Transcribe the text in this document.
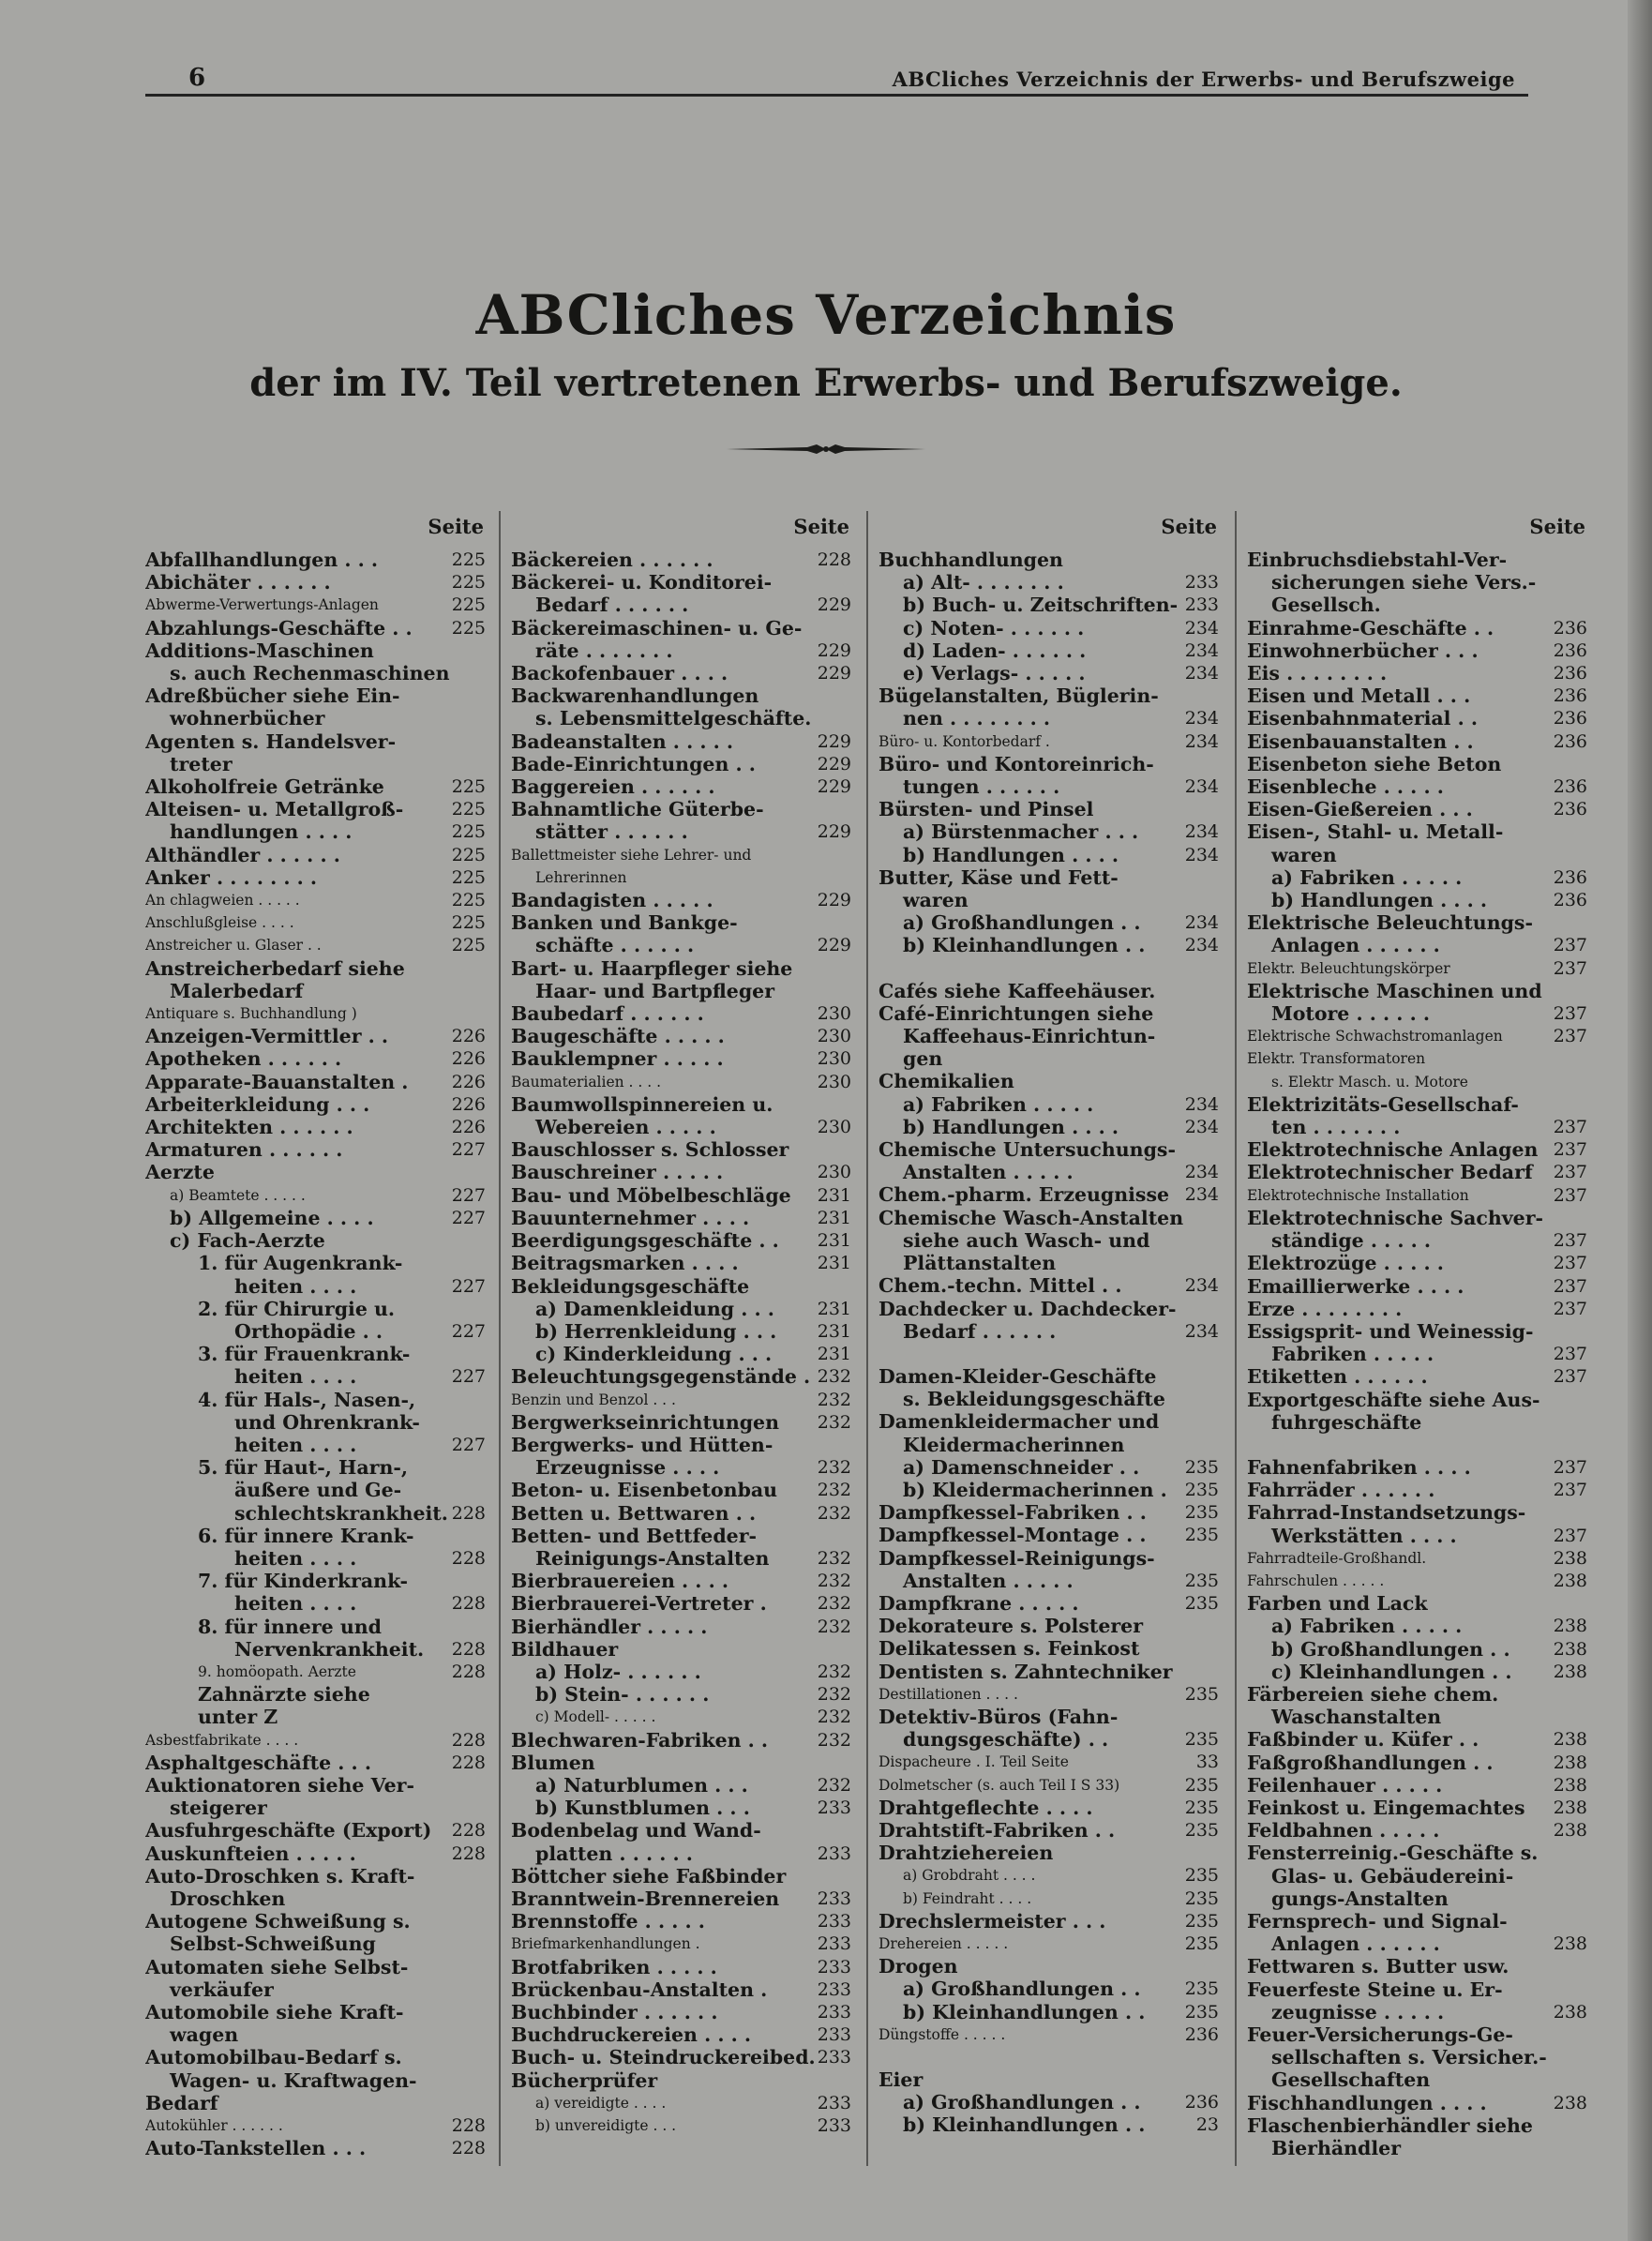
6	ABCliches Verzeichnis der Erwerbs- und Berufszweige
ABCliches Verzeichnis
der im IV. Teil vertretenen Erwerbs- und Berufszweige.
Seite
Abfallhandlungen . . .	225
Abichäter . . . . . .	225
Abwerme-Verwertungs-Anlagen	225
Abzahlungs-Geschäfte . . 225
Additions-Maschinen
s. auch Rechenmaschinen
Adreßbücher siehe Ein-
wohnerbücher
Agenten s. Handelsver-
treter
Alkoholfreie Getränke	225
Alteisen- u. Metallgroß-	225
handlungen . . . .	225
Althändler . . . . . .	225
Anker . . . . . . . .	225
An chlagweien . . . . .	225
Anschlußgleise . . . .	225
Anstreicher u. Glaser . .	225
Anstreicherbedarf siehe
Malerbedarf
Antiquare s. Buchhandlung )
Anzeigen-Vermittler . .	226
Apotheken . . . . . .	226
Apparate-Bauanstalten . 226
Arbeiterkleidung . . .	226
Architekten . . . . . .	226
Armaturen . . . . . .	227
Aerzte
a) Beamtete . . . . .	227
b) Allgemeine . . . .	227
c) Fach-Aerzte
1. für Augenkrank-
heiten . . . .	227
2. für Chirurgie u.
Orthopädie . .	227
3. für Frauenkrank-
heiten . . . .	227
4. für Hals-, Nasen-,
und Ohrenkrank-
heiten . . . .	227
5. für Haut-, Harn-,
äußere und Ge-
schlechtskrankheit. 228
6. für innere Krank-
heiten . . . .	228
7. für Kinderkrank-
heiten . . . .	228
8. für innere und
Nervenkrankheit. 228
9. homöopath. Aerzte	228
Zahnärzte siehe
unter Z
Asbestfabrikate . . . .	228
Asphaltgeschäfte . . .	228
Auktionatoren siehe Ver-
steigerer
Ausfuhrgeschäfte (Export) 228
Auskunfteien . . . . .	228
Auto-Droschken s. Kraft-
Droschken
Autogene Schweißung s.
Selbst-Schweißung
Automaten siehe Selbst-
verkäufer
Automobile siehe Kraft-
wagen
Automobilbau-Bedarf s.
Wagen- u. Kraftwagen-
Bedarf
Autokühler . . . . . .	228
Auto-Tankstellen . . .	228
Seite
Bäckereien . . . . . .	228
Bäckerei- u. Konditorei-
Bedarf . . . . . .	229
Bäckereimaschinen- u. Ge-
räte . . . . . . .	229
Backofenbauer . . . .	229
Backwarenhandlungen
s. Lebensmittelgeschäfte.
Badeanstalten . . . . .	229
Bade-Einrichtungen . .	229
Baggereien . . . . . .	229
Bahnamtliche Güterbe-
stätter . . . . . .	229
Ballettmeister siehe Lehrer- und
Lehrerinnen
Bandagisten . . . . .	229
Banken und Bankge-
schäfte . . . . . .	229
Bart- u. Haarpfleger siehe
Haar- und Bartpfleger
Baubedarf . . . . . .	230
Baugeschäfte . . . . .	230
Bauklempner . . . . .	230
Baumaterialien . . . .	230
Baumwollspinnereien u.
Webereien . . . . .	230
Bauschlosser s. Schlosser
Bauschreiner . . . . .	230
Bau- und Möbelbeschläge 231
Bauunternehmer . . . .	231
Beerdigungsgeschäfte . . 231
Beitragsmarken . . . .	231
Bekleidungsgeschäfte
a) Damenkleidung . . . 231
b) Herrenkleidung . . . 231
c) Kinderkleidung . . .	231
Beleuchtungsgegenstände . 232
Benzin und Benzol . . .	232
Bergwerkseinrichtungen 232
Bergwerks- und Hütten-
Erzeugnisse . . . .	232
Beton- u. Eisenbetonbau 232
Betten u. Bettwaren . .	232
Betten- und Bettfeder-
Reinigungs-Anstalten	232
Bierbrauereien . . . .	232
Bierbrauerei-Vertreter .	232
Bierhändler . . . . .	232
Bildhauer
a) Holz- . . . . . .	232
b) Stein- . . . . . .	232
c) Modell- . . . . .	232
Blechwaren-Fabriken . .	232
Blumen
a) Naturblumen . . .	232
b) Kunstblumen . . .	233
Bodenbelag und Wand-
platten . . . . . .	233
Böttcher siehe Faßbinder
Branntwein-Brennereien 233
Brennstoffe . . . . .	233
Briefmarkenhandlungen .	233
Brotfabriken . . . . .	233
Brückenbau-Anstalten .	233
Buchbinder . . . . . .	233
Buchdruckereien . . . .	233
Buch- u. Steindruckereibed. 233
Bücherprüfer
a) vereidigte . . . .	233
b) unvereidigte . . .	233
Seite
Buchhandlungen
a) Alt- . . . . . . .	233
b) Buch- u. Zeitschriften- 233
c) Noten- . . . . . .	234
d) Laden- . . . . . .	234
e) Verlags- . . . . .	234
Bügelanstalten, Büglerin-
nen . . . . . . . .	234
Büro- u. Kontorbedarf .	234
Büro- und Kontoreinrich-
tungen . . . . . .	234
Bürsten- und Pinsel
a) Bürstenmacher . . .	234
b) Handlungen . . . .	234
Butter, Käse und Fett-
waren
a) Großhandlungen . . 234
b) Kleinhandlungen . . 234
Cafés siehe Kaffeehäuser.
Café-Einrichtungen siehe
Kaffeehaus-Einrichtun-
gen
Chemikalien
a) Fabriken . . . . .	234
b) Handlungen . . . .	234
Chemische Untersuchungs-
Anstalten . . . . .	234
Chem.-pharm. Erzeugnisse 234
Chemische Wasch-Anstalten
siehe auch Wasch- und
Plättanstalten
Chem.-techn. Mittel . .	234
Dachdecker u. Dachdecker-
Bedarf . . . . . .	234
Damen-Kleider-Geschäfte
s. Bekleidungsgeschäfte
Damenkleidermacher und
Kleidermacherinnen
a) Damenschneider . .	235
b) Kleidermacherinnen . 235
Dampfkessel-Fabriken . . 235
Dampfkessel-Montage . . 235
Dampfkessel-Reinigungs-
Anstalten . . . . .	235
Dampfkrane . . . . .	235
Dekorateure s. Polsterer
Delikatessen s. Feinkost
Dentisten s. Zahntechniker
Destillationen . . . .	235
Detektiv-Büros (Fahn-
dungsgeschäfte) . .	235
Dispacheure . I. Teil Seite	33
Dolmetscher (s. auch Teil I S 33)	235
Drahtgeflechte . . . .	235
Drahtstift-Fabriken . .	235
Drahtziehereien
a) Grobdraht . . . .	235
b) Feindraht . . . .	235
Drechslermeister . . .	235
Drehereien . . . . .	235
Drogen
a) Großhandlungen . . 235
b) Kleinhandlungen . . 235
Düngstoffe . . . . .	236
Eier
a) Großhandlungen . . 236
b) Kleinhandlungen . .	23
Seite
Einbruchsdiebstahl-Ver-
sicherungen siehe Vers.-
Gesellsch.
Einrahme-Geschäfte . .	236
Einwohnerbücher . . .	236
Eis . . . . . . . .	236
Eisen und Metall . . .	236
Eisenbahnmaterial . .	236
Eisenbauanstalten . .	236
Eisenbeton siehe Beton
Eisenbleche . . . . .	236
Eisen-Gießereien . . .	236
Eisen-, Stahl- u. Metall-
waren
a) Fabriken . . . . .	236
b) Handlungen . . . .	236
Elektrische Beleuchtungs-
Anlagen . . . . . .	237
Elektr. Beleuchtungskörper	237
Elektrische Maschinen und
Motore . . . . . .	237
Elektrische Schwachstromanlagen	237
Elektr. Transformatoren
s. Elektr Masch. u. Motore
Elektrizitäts-Gesellschaf-
ten . . . . . . .	237
Elektrotechnische Anlagen 237
Elektrotechnischer Bedarf 237
Elektrotechnische Installation	237
Elektrotechnische Sachver-
ständige . . . . .	237
Elektrozüge . . . . .	237
Emaillierwerke . . . .	237
Erze . . . . . . . .	237
Essigsprit- und Weinessig-
Fabriken . . . . .	237
Etiketten . . . . . .	237
Exportgeschäfte siehe Aus-
fuhrgeschäfte
Fahnenfabriken . . . .	237
Fahrräder . . . . . .	237
Fahrrad-Instandsetzungs-
Werkstätten . . . .	237
Fahrradteile-Großhandl.	238
Fahrschulen . . . . .	238
Farben und Lack
a) Fabriken . . . . .	238
b) Großhandlungen . . 238
c) Kleinhandlungen . . 238
Färbereien siehe chem.
Waschanstalten
Faßbinder u. Küfer . .	238
Faßgroßhandlungen . .	238
Feilenhauer . . . . .	238
Feinkost u. Eingemachtes 238
Feldbahnen . . . . .	238
Fensterreinig.-Geschäfte s.
Glas- u. Gebäudereini-
gungs-Anstalten
Fernsprech- und Signal-
Anlagen . . . . . .	238
Fettwaren s. Butter usw.
Feuerfeste Steine u. Er-
zeugnisse . . . . .	238
Feuer-Versicherungs-Ge-
sellschaften s. Versicher.-
Gesellschaften
Fischhandlungen . . . .	238
Flaschenbierhändler siehe
Bierhändler
